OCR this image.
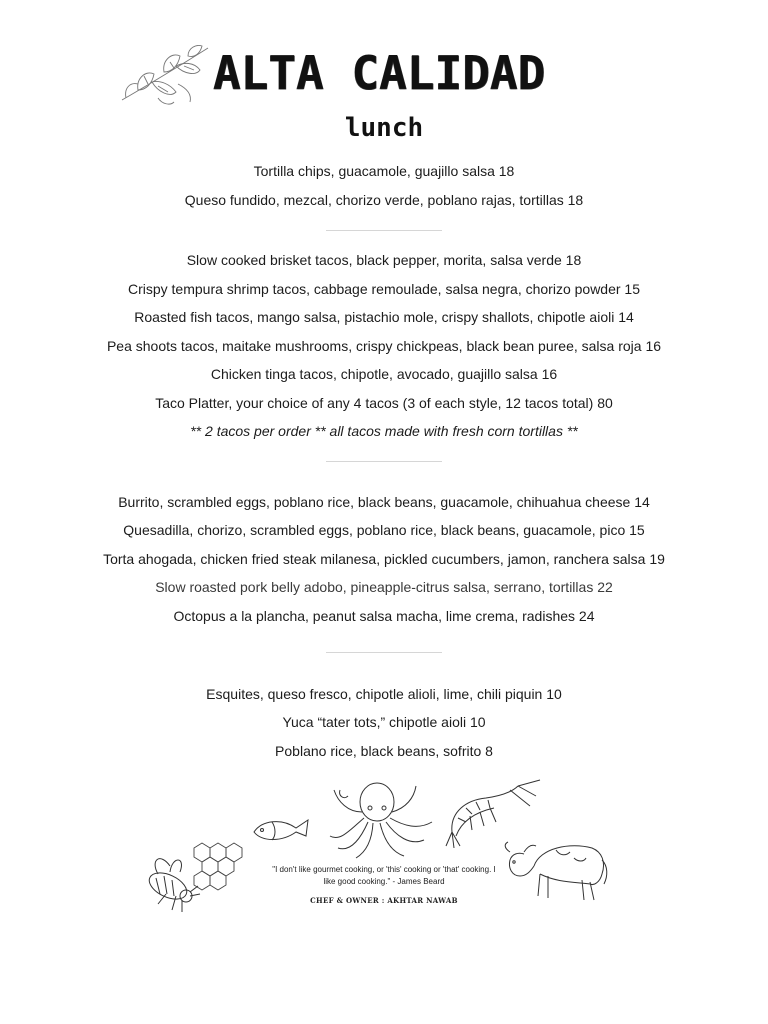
ALTA CALIDAD
lunch
Tortilla chips, guacamole, guajillo salsa 18
Queso fundido, mezcal, chorizo verde, poblano rajas, tortillas 18
Slow cooked brisket tacos, black pepper, morita, salsa verde 18
Crispy tempura shrimp tacos, cabbage remoulade, salsa negra, chorizo powder 15
Roasted fish tacos, mango salsa, pistachio mole, crispy shallots, chipotle aioli 14
Pea shoots tacos, maitake mushrooms, crispy chickpeas, black bean puree, salsa roja 16
Chicken tinga tacos, chipotle, avocado, guajillo salsa 16
Taco Platter, your choice of any 4 tacos (3 of each style, 12 tacos total) 80
** 2 tacos per order ** all tacos made with fresh corn tortillas **
Burrito, scrambled eggs, poblano rice, black beans, guacamole, chihuahua cheese 14
Quesadilla, chorizo, scrambled eggs, poblano rice, black beans, guacamole, pico 15
Torta ahogada, chicken fried steak milanesa, pickled cucumbers, jamon, ranchera salsa 19
Slow roasted pork belly adobo, pineapple-citrus salsa, serrano, tortillas 22
Octopus a la plancha, peanut salsa macha, lime crema, radishes 24
Esquites, queso fresco, chipotle alioli, lime, chili piquin 10
Yuca “tater tots,” chipotle aioli 10
Poblano rice, black beans, sofrito 8
"I don't like gourmet cooking, or 'this' cooking or 'that' cooking. I like good cooking." - James Beard
CHEF & OWNER : AKHTAR NAWAB
